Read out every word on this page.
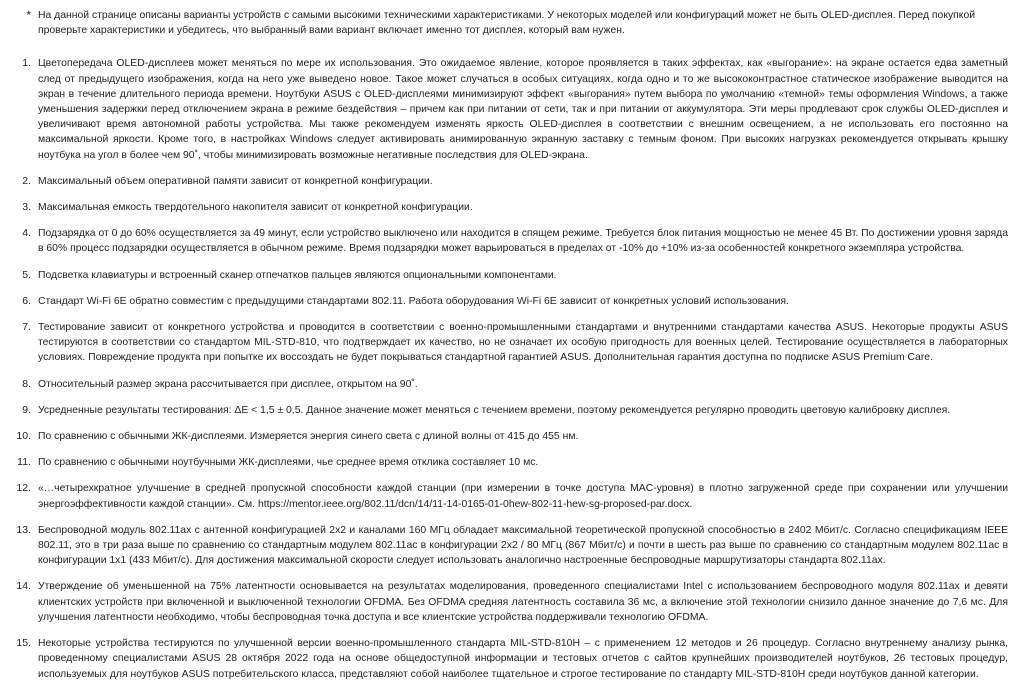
* На данной странице описаны варианты устройств с самыми высокими техническими характеристиками. У некоторых моделей или конфигураций может не быть OLED-дисплея. Перед покупкой проверьте характеристики и убедитесь, что выбранный вами вариант включает именно тот дисплея, который вам нужен.
1. Цветопередача OLED-дисплеев может меняться по мере их использования. Это ожидаемое явление, которое проявляется в таких эффектах, как «выгорание»: на экране остается едва заметный след от предыдущего изображения, когда на него уже выведено новое. Такое может случаться в особых ситуациях, когда одно и то же высококонтрастное статическое изображение выводится на экран в течение длительного периода времени. Ноутбуки ASUS с OLED-дисплеями минимизируют эффект «выгорания» путем выбора по умолчанию «темной» темы оформления Windows, а также уменьшения задержки перед отключением экрана в режиме бездействия – причем как при питании от сети, так и при питании от аккумулятора. Эти меры продлевают срок службы OLED-дисплея и увеличивают время автономной работы устройства. Мы также рекомендуем изменять яркость OLED-дисплея в соответствии с внешним освещением, а не использовать его постоянно на максимальной яркости. Кроме того, в настройках Windows следует активировать анимированную экранную заставку с темным фоном. При высоких нагрузках рекомендуется открывать крышку ноутбука на угол в более чем 90˚, чтобы минимизировать возможные негативные последствия для OLED-экрана.
2. Максимальный объем оперативной памяти зависит от конкретной конфигурации.
3. Максимальная емкость твердотельного накопителя зависит от конкретной конфигурации.
4. Подзарядка от 0 до 60% осуществляется за 49 минут, если устройство выключено или находится в спящем режиме. Требуется блок питания мощностью не менее 45 Вт. По достижении уровня заряда в 60% процесс подзарядки осуществляется в обычном режиме. Время подзарядки может варьироваться в пределах от -10% до +10% из-за особенностей конкретного экземпляра устройства.
5. Подсветка клавиатуры и встроенный сканер отпечатков пальцев являются опциональными компонентами.
6. Стандарт Wi-Fi 6E обратно совместим с предыдущими стандартами 802.11. Работа оборудования Wi-Fi 6E зависит от конкретных условий использования.
7. Тестирование зависит от конкретного устройства и проводится в соответствии с военно-промышленными стандартами и внутренними стандартами качества ASUS. Некоторые продукты ASUS тестируются в соответствии со стандартом MIL-STD-810, что подтверждает их качество, но не означает их особую пригодность для военных целей. Тестирование осуществляется в лабораторных условиях. Повреждение продукта при попытке их воссоздать не будет покрываться стандартной гарантией ASUS. Дополнительная гарантия доступна по подписке ASUS Premium Care.
8. Относительный размер экрана рассчитывается при дисплее, открытом на 90˚.
9. Усредненные результаты тестирования: ΔE < 1,5 ± 0,5. Данное значение может меняться с течением времени, поэтому рекомендуется регулярно проводить цветовую калибровку дисплея.
10. По сравнению с обычными ЖК-дисплеями. Измеряется энергия синего света с длиной волны от 415 до 455 нм.
11. По сравнению с обычными ноутбучными ЖК-дисплеями, чье среднее время отклика составляет 10 мс.
12. «…четырехкратное улучшение в средней пропускной способности каждой станции (при измерении в точке доступа MAC-уровня) в плотно загруженной среде при сохранении или улучшении энергоэффективности каждой станции». См. https://mentor.ieee.org/802.11/dcn/14/11-14-0165-01-0hew-802-11-hew-sg-proposed-par.docx.
13. Беспроводной модуль 802.11ax с антенной конфигурацией 2x2 и каналами 160 МГц обладает максимальной теоретической пропускной способностью в 2402 Мбит/с. Согласно спецификациям IEEE 802.11, это в три раза выше по сравнению со стандартным модулем 802.11ac в конфигурации 2x2 / 80 МГц (867 Мбит/с) и почти в шесть раз выше по сравнению со стандартным модулем 802.11ac в конфигурации 1x1 (433 Мбит/с). Для достижения максимальной скорости следует использовать аналогично настроенные беспроводные маршрутизаторы стандарта 802.11ax.
14. Утверждение об уменьшенной на 75% латентности основывается на результатах моделирования, проведенного специалистами Intel с использованием беспроводного модуля 802.11ax и девяти клиентских устройств при включенной и выключенной технологии OFDMA. Без OFDMA средняя латентность составила 36 мс, а включение этой технологии снизило данное значение до 7,6 мс. Для улучшения латентности необходимо, чтобы беспроводная точка доступа и все клиентские устройства поддерживали технологию OFDMA.
15. Некоторые устройства тестируются по улучшенной версии военно-промышленного стандарта MIL-STD-810H – с применением 12 методов и 26 процедур. Согласно внутреннему анализу рынка, проведенному специалистами ASUS 28 октября 2022 года на основе общедоступной информации и тестовых отчетов с сайтов крупнейших производителей ноутбуков, 26 тестовых процедур, используемых для ноутбуков ASUS потребительского класса, представляют собой наиболее тщательное и строгое тестирование по стандарту MIL-STD-810H среди ноутбуков данной категории.
